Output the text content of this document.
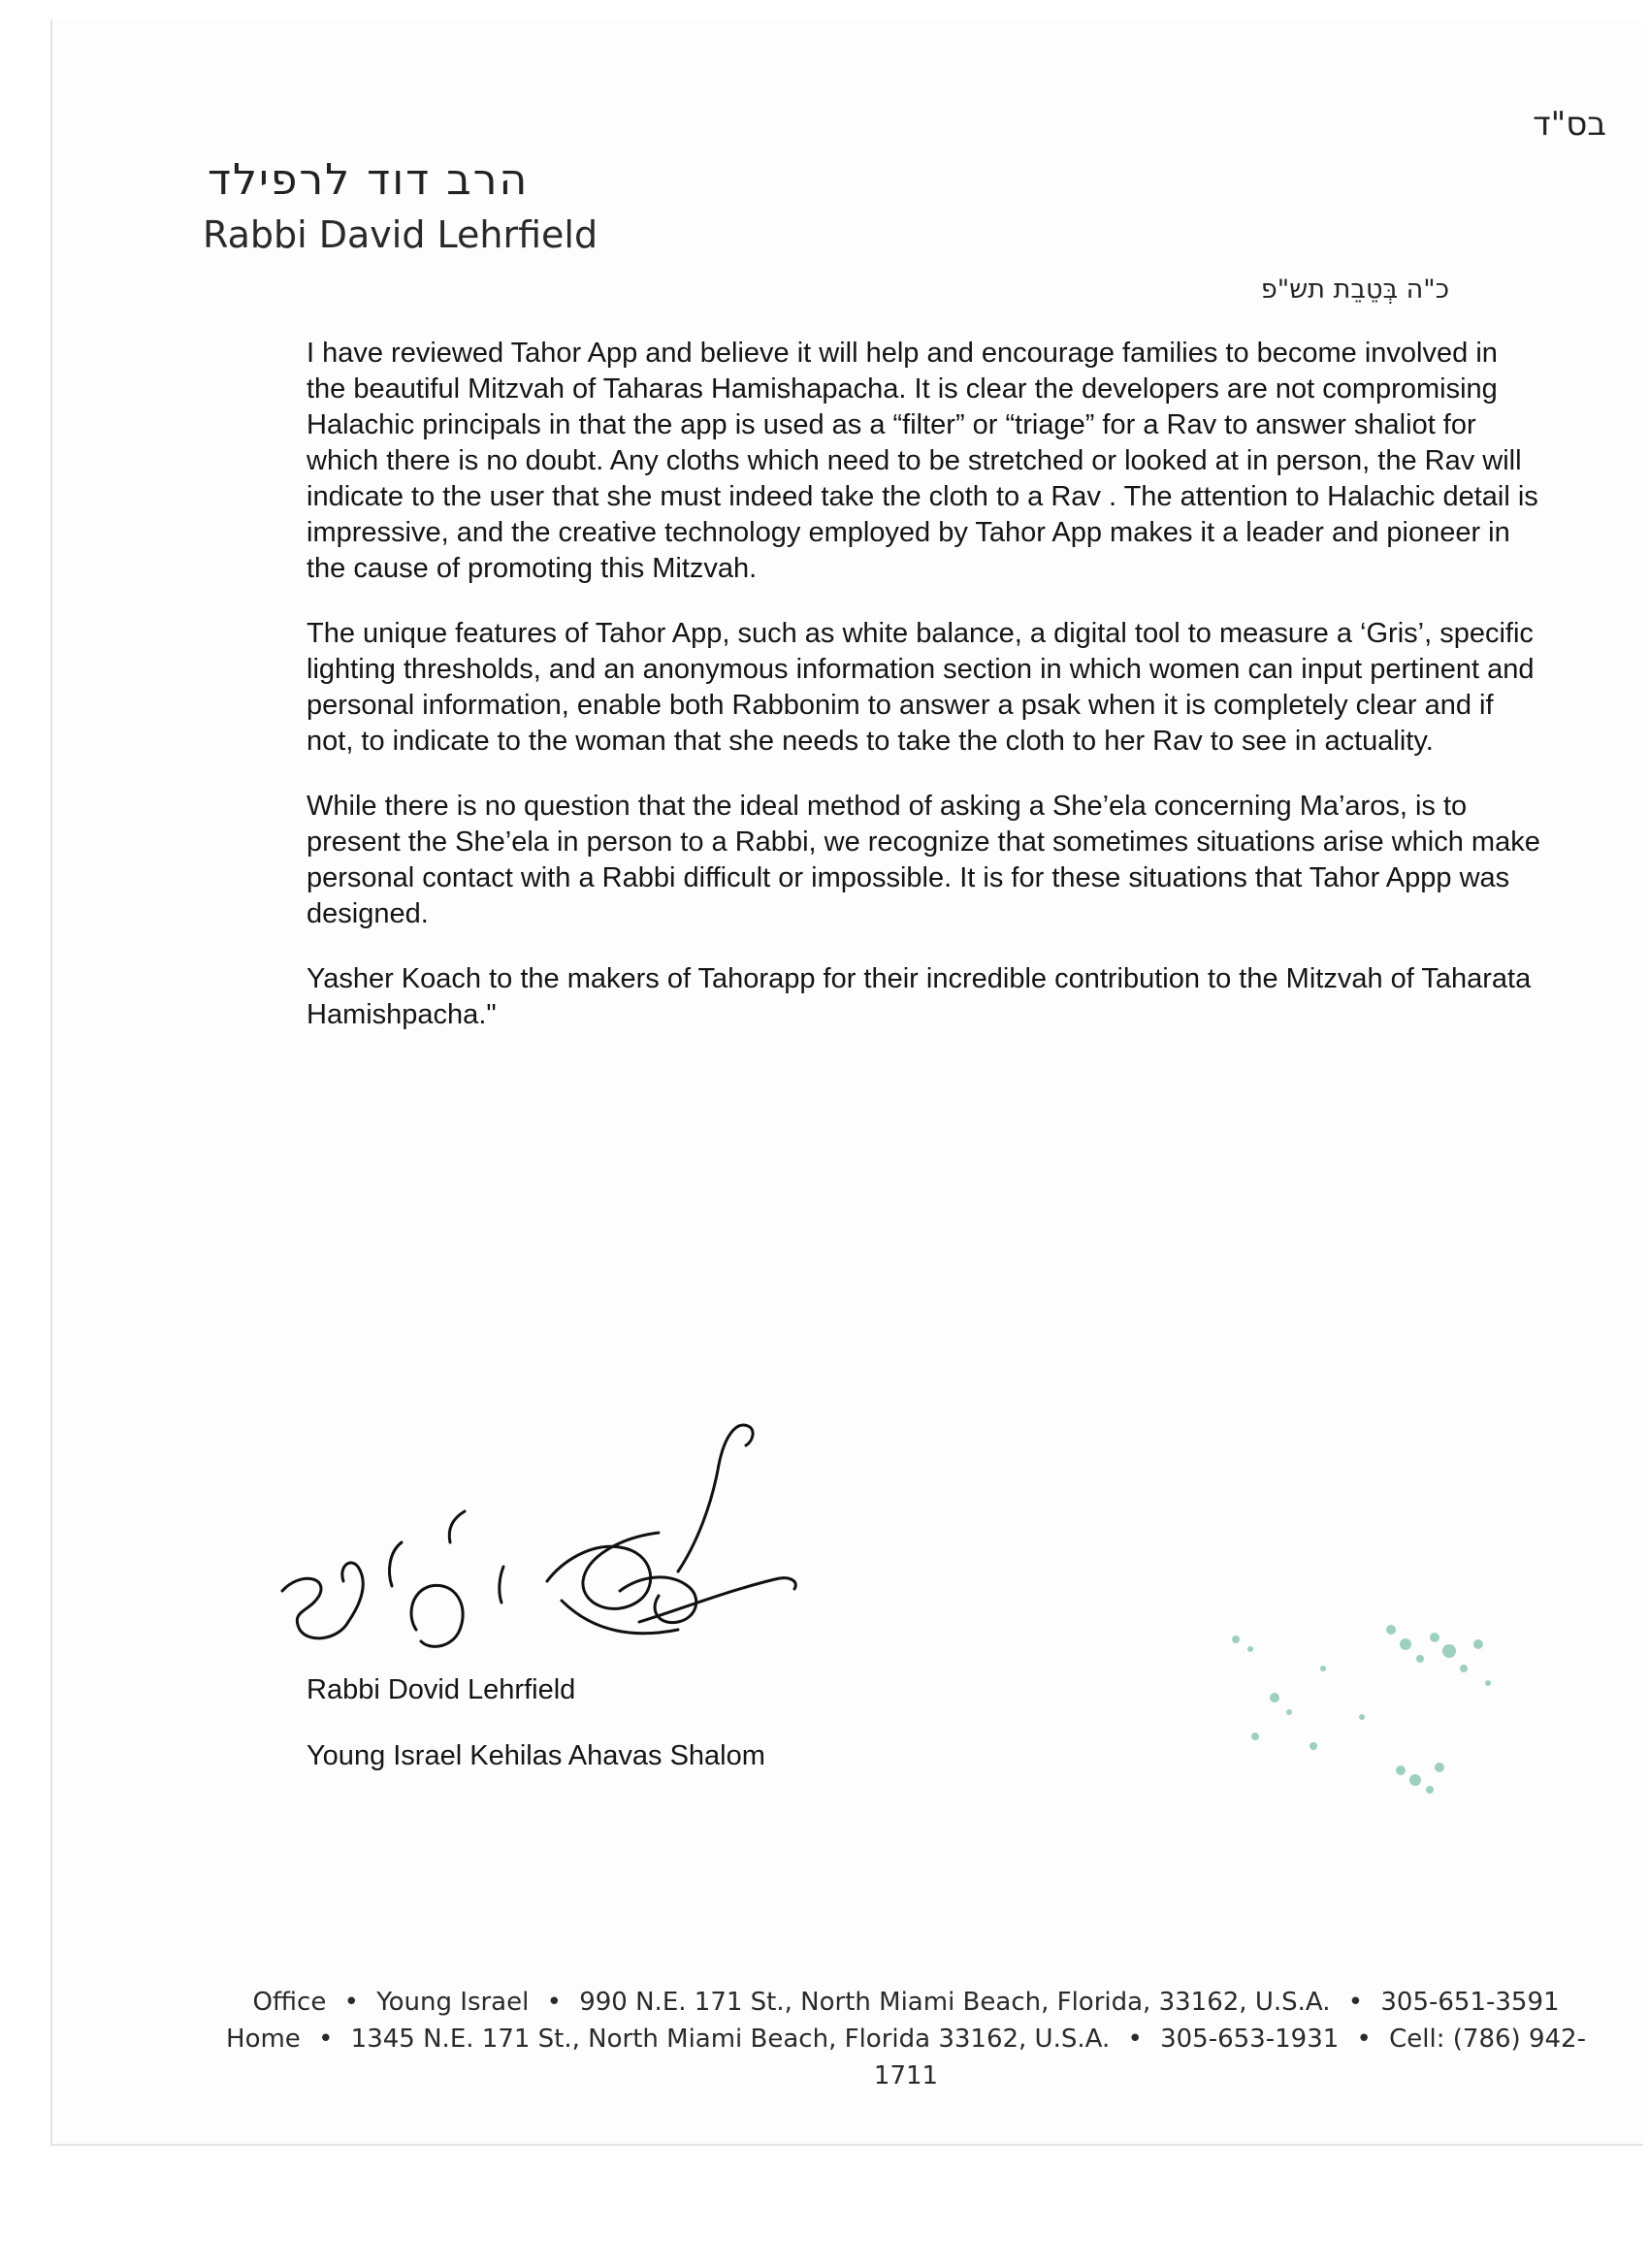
בס"ד
הרב דוד לרפילד
Rabbi David Lehrfield
כ"ה בְּטֵבֵת תש"פ

I have reviewed Tahor App and believe it will help and encourage families to become involved in the beautiful Mitzvah of Taharas Hamishapacha. It is clear the developers are not compromising Halachic principals in that the app is used as a “filter” or “triage” for a Rav to answer shaliot for which there is no doubt. Any cloths which need to be stretched or looked at in person, the Rav will indicate to the user that she must indeed take the cloth to a Rav . The attention to Halachic detail is impressive, and the creative technology employed by Tahor App makes it a leader and pioneer in the cause of promoting this Mitzvah.

The unique features of Tahor App, such as white balance, a digital tool to measure a ‘Gris’, specific lighting thresholds, and an anonymous information section in which women can input pertinent and personal information, enable both Rabbonim to answer a psak when it is completely clear and if not, to indicate to the woman that she needs to take the cloth to her Rav to see in actuality.

While there is no question that the ideal method of asking a She’ela concerning Ma’aros, is to present the She’ela in person to a Rabbi, we recognize that sometimes situations arise which make personal contact with a Rabbi difficult or impossible. It is for these situations that Tahor Appp was designed.

Yasher Koach to the makers of Tahorapp for their incredible contribution to the Mitzvah of Taharata Hamishpacha."

Rabbi Dovid Lehrfield
Young Israel Kehilas Ahavas Shalom
Office • Young Israel • 990 N.E. 171 St., North Miami Beach, Florida, 33162, U.S.A. • 305-651-3591
Home • 1345 N.E. 171 St., North Miami Beach, Florida 33162, U.S.A. • 305-653-1931 • Cell: (786) 942-1711
